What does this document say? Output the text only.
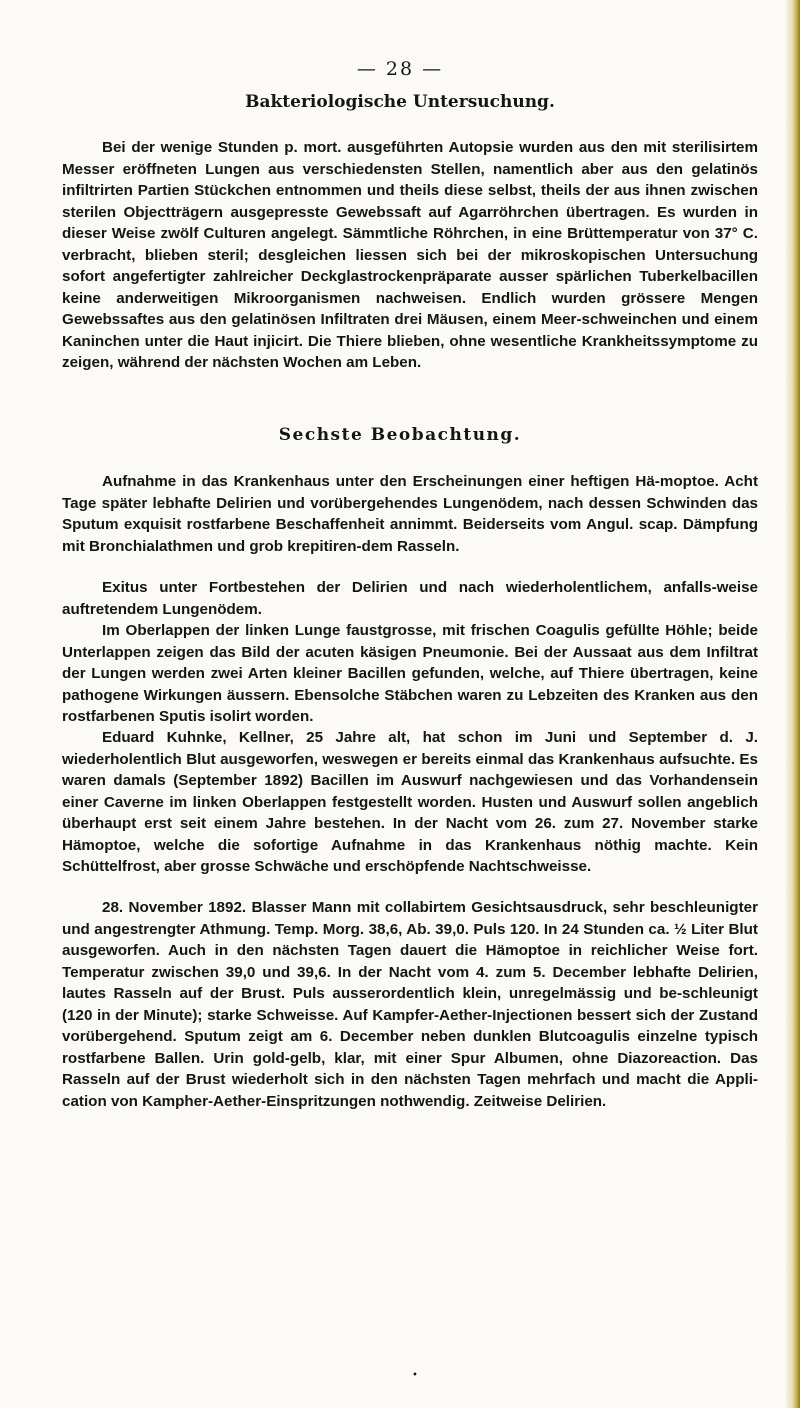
— 28 —
Bakteriologische Untersuchung.

Bei der wenige Stunden p. mort. ausgeführten Autopsie wurden aus den mit sterilisirtem Messer eröffneten Lungen aus verschiedensten Stellen, namentlich aber aus den gelatinös infiltrirten Partien Stückchen entnommen und theils diese selbst, theils der aus ihnen zwischen sterilen Objectträgern ausgepresste Gewebssaft auf Agarröhrchen übertragen. Es wurden in dieser Weise zwölf Culturen angelegt. Sämmtliche Röhrchen, in eine Brüttemperatur von 37° C. verbracht, blieben steril; desgleichen liessen sich bei der mikroskopischen Untersuchung sofort angefertigter zahlreicher Deckglastrockenpräparate ausser spärlichen Tuberkelbacillen keine anderweitigen Mikroorganismen nachweisen. Endlich wurden grössere Mengen Gewebssaftes aus den gelatinösen Infiltraten drei Mäusen, einem Meer-schweinchen und einem Kaninchen unter die Haut injicirt. Die Thiere blieben, ohne wesentliche Krankheitssymptome zu zeigen, während der nächsten Wochen am Leben.

Sechste Beobachtung.

Aufnahme in das Krankenhaus unter den Erscheinungen einer heftigen Hä-moptoe. Acht Tage später lebhafte Delirien und vorübergehendes Lungenödem, nach dessen Schwinden das Sputum exquisit rostfarbene Beschaffenheit annimmt. Beiderseits vom Angul. scap. Dämpfung mit Bronchialathmen und grob krepitiren-dem Rasseln.

Exitus unter Fortbestehen der Delirien und nach wiederholentlichem, anfalls-weise auftretendem Lungenödem.

Im Oberlappen der linken Lunge faustgrosse, mit frischen Coagulis gefüllte Höhle; beide Unterlappen zeigen das Bild der acuten käsigen Pneumonie. Bei der Aussaat aus dem Infiltrat der Lungen werden zwei Arten kleiner Bacillen gefunden, welche, auf Thiere übertragen, keine pathogene Wirkungen äussern. Ebensolche Stäbchen waren zu Lebzeiten des Kranken aus den rostfarbenen Sputis isolirt worden.

Eduard Kuhnke, Kellner, 25 Jahre alt, hat schon im Juni und September d. J. wiederholentlich Blut ausgeworfen, weswegen er bereits einmal das Krankenhaus aufsuchte. Es waren damals (September 1892) Bacillen im Auswurf nachgewiesen und das Vorhandensein einer Caverne im linken Oberlappen festgestellt worden. Husten und Auswurf sollen angeblich überhaupt erst seit einem Jahre bestehen. In der Nacht vom 26. zum 27. November starke Hämoptoe, welche die sofortige Aufnahme in das Krankenhaus nöthig machte. Kein Schüttelfrost, aber grosse Schwäche und erschöpfende Nachtschweisse.

28. November 1892. Blasser Mann mit collabirtem Gesichtsausdruck, sehr beschleunigter und angestrengter Athmung. Temp. Morg. 38,6, Ab. 39,0. Puls 120. In 24 Stunden ca. ½ Liter Blut ausgeworfen. Auch in den nächsten Tagen dauert die Hämoptoe in reichlicher Weise fort. Temperatur zwischen 39,0 und 39,6. In der Nacht vom 4. zum 5. December lebhafte Delirien, lautes Rasseln auf der Brust. Puls ausserordentlich klein, unregelmässig und be-schleunigt (120 in der Minute); starke Schweisse. Auf Kampfer-Aether-Injectionen bessert sich der Zustand vorübergehend. Sputum zeigt am 6. December neben dunklen Blutcoagulis einzelne typisch rostfarbene Ballen. Urin gold-gelb, klar, mit einer Spur Albumen, ohne Diazoreaction. Das Rasseln auf der Brust wiederholt sich in den nächsten Tagen mehrfach und macht die Appli-cation von Kampher-Aether-Einspritzungen nothwendig. Zeitweise Delirien.

•
